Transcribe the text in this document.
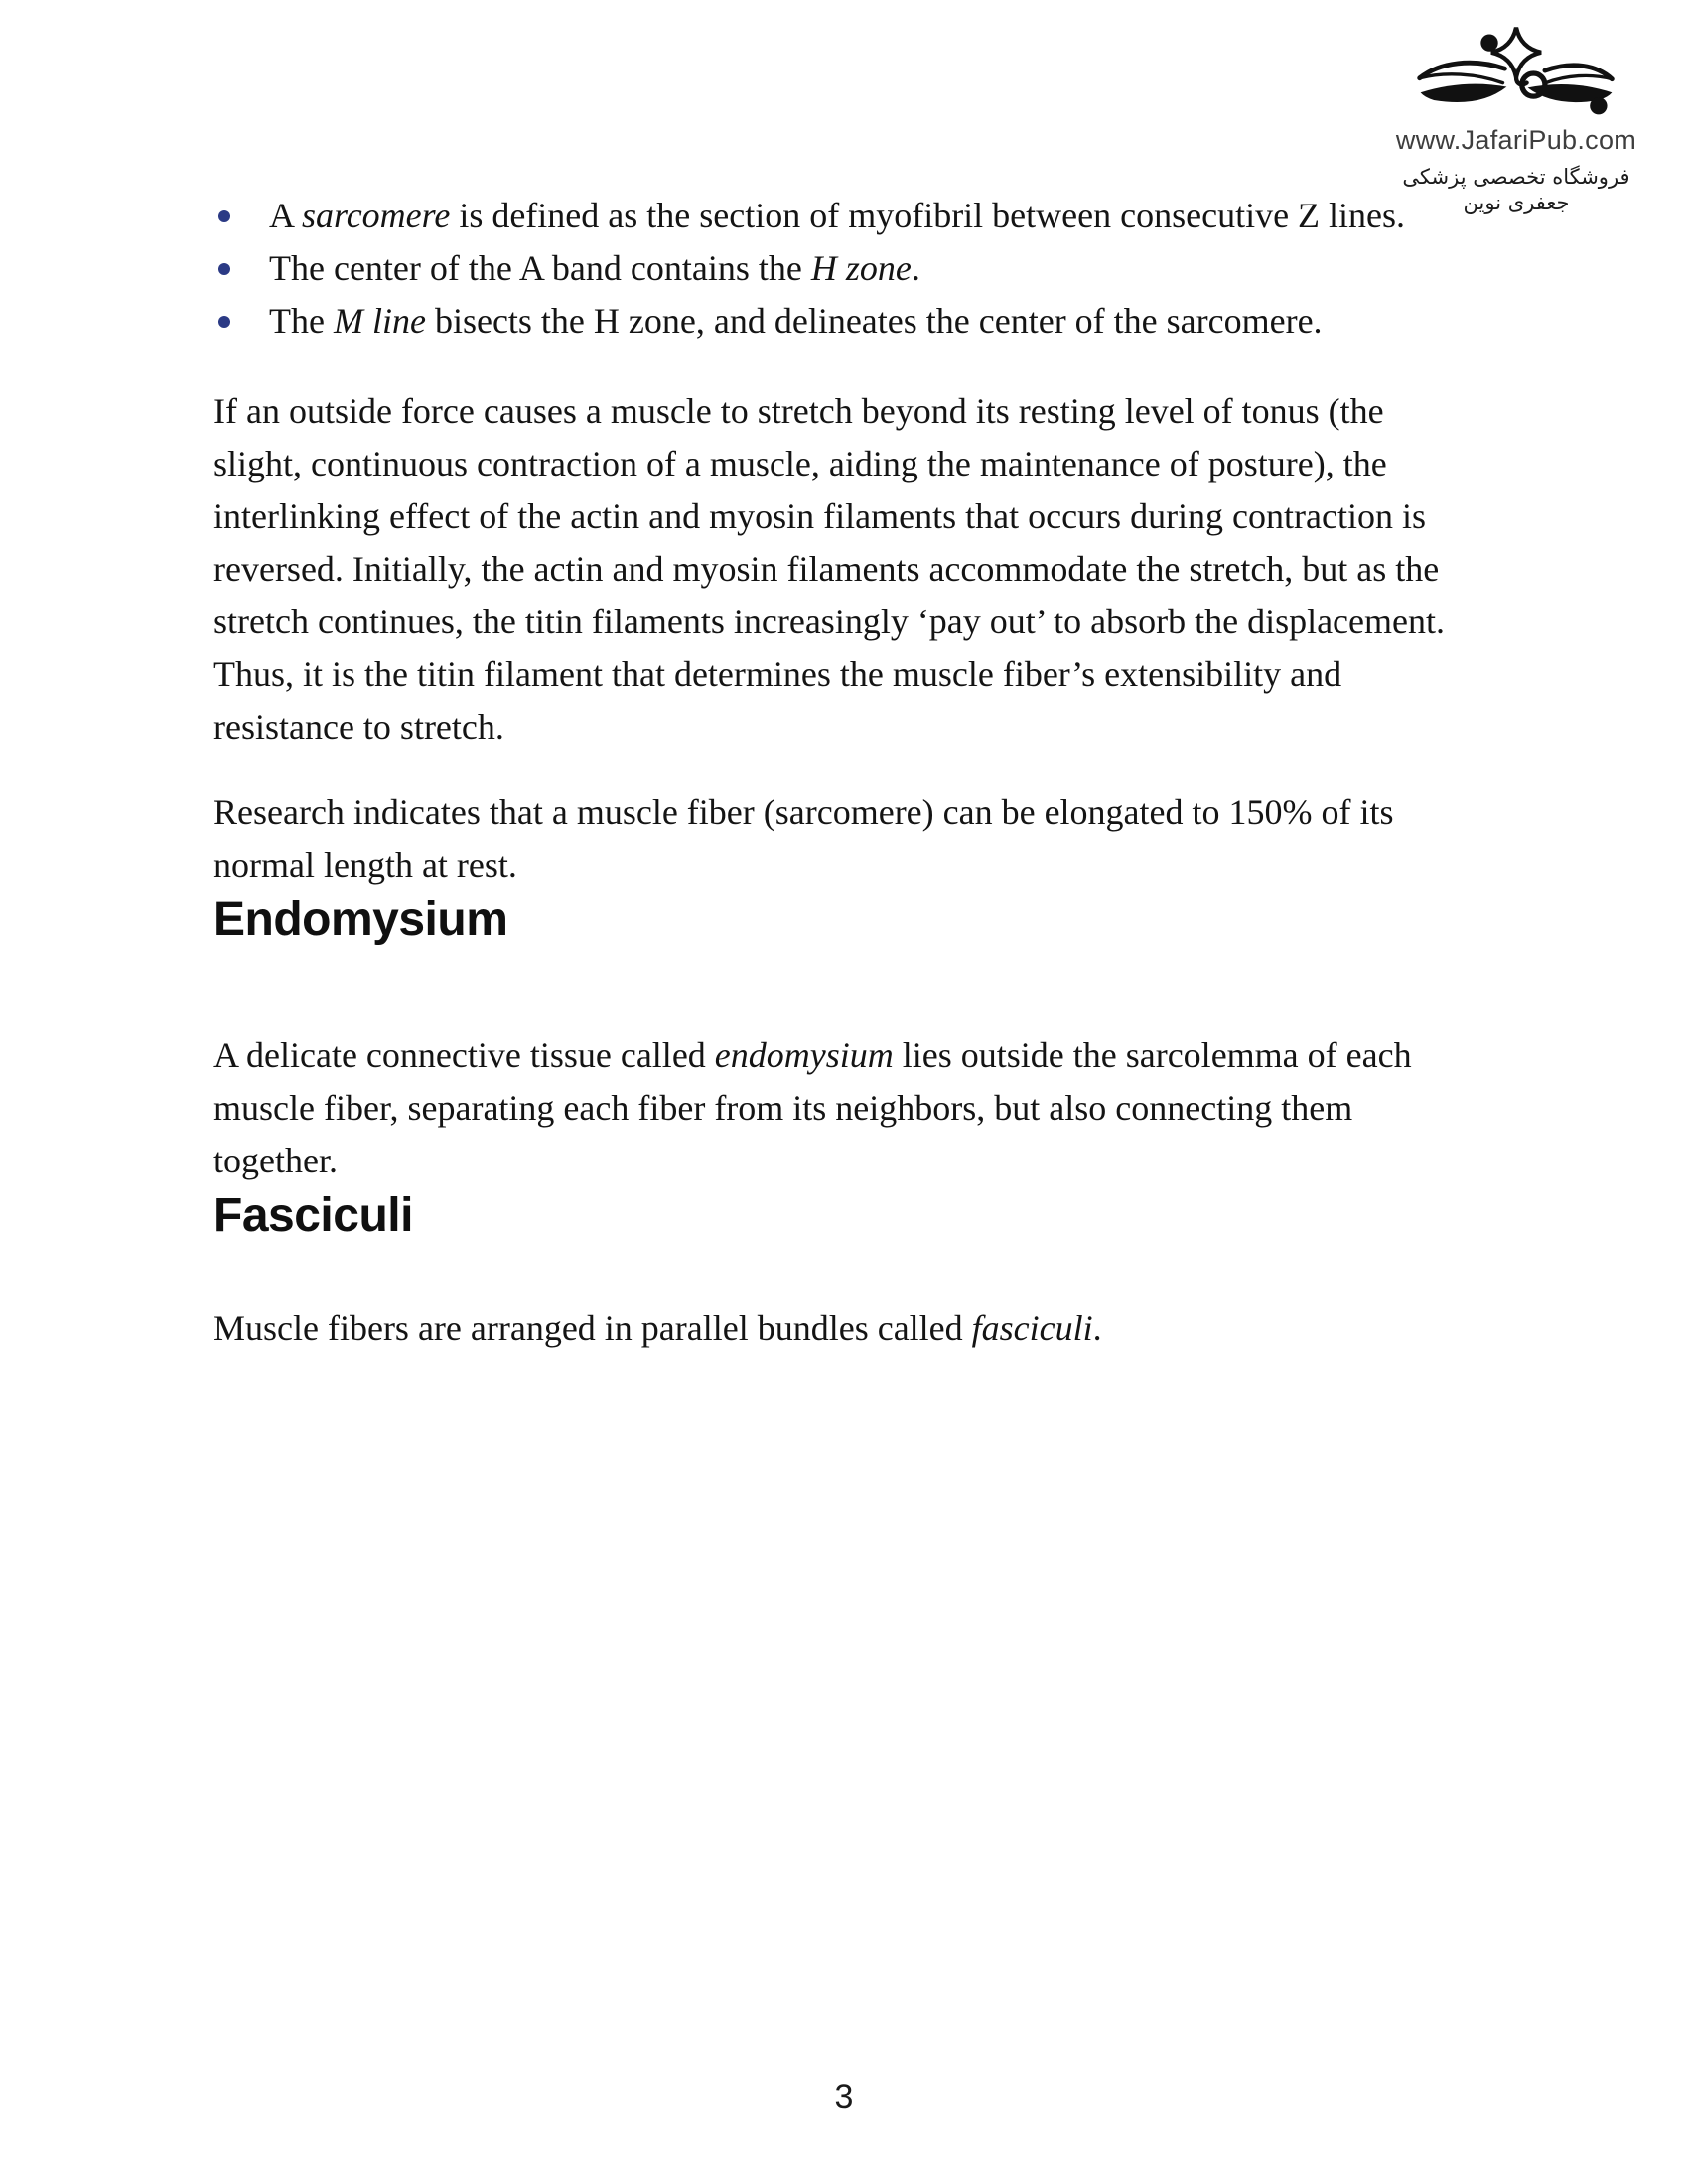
www.JafariPub.com
فروشگاه تخصصی پزشکی جعفری نوین
A sarcomere is defined as the section of myofibril between consecutive Z lines.
The center of the A band contains the H zone.
The M line bisects the H zone, and delineates the center of the sarcomere.

If an outside force causes a muscle to stretch beyond its resting level of tonus (the slight, continuous contraction of a muscle, aiding the maintenance of posture), the interlinking effect of the actin and myosin filaments that occurs during contraction is reversed. Initially, the actin and myosin filaments accommodate the stretch, but as the stretch continues, the titin filaments increasingly ‘pay out’ to absorb the displacement. Thus, it is the titin filament that determines the muscle fiber’s extensibility and resistance to stretch.

Research indicates that a muscle fiber (sarcomere) can be elongated to 150% of its normal length at rest.

Endomysium

A delicate connective tissue called endomysium lies outside the sarcolemma of each muscle fiber, separating each fiber from its neighbors, but also connecting them together.

Fasciculi

Muscle fibers are arranged in parallel bundles called fasciculi.

3
